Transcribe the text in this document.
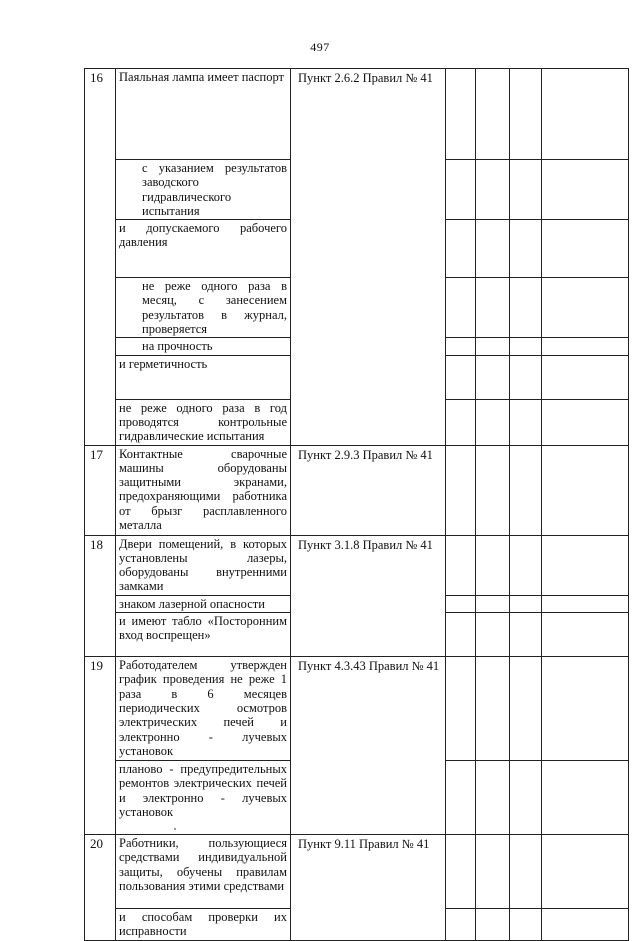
497
16	Паяльная лампа имеет паспорт	Пункт 2.6.2 Правил № 41				
	с указанием результатов заводского гидравлического испытания					
	и допускаемого рабочего давления					
	не реже одного раза в месяц, с занесением результатов в журнал, проверяется					
	на прочность					
	и герметичность					
	не реже одного раза в год проводятся контрольные гидравлические испытания					
17	Контактные сварочные машины оборудованы защитными экранами, предохраняющими работника от брызг расплавленного металла	Пункт 2.9.3 Правил № 41				
18	Двери помещений, в которых установлены лазеры, оборудованы внутренними замками	Пункт 3.1.8 Правил № 41				
	знаком лазерной опасности					
	и имеют табло «Посторонним вход воспрещен»					
19	Работодателем утвержден график проведения не реже 1 раза в 6 месяцев периодических осмотров электрических печей и электронно - лучевых установок	Пункт 4.3.43 Правил № 41				
	планово - предупредительных ремонтов электрических печей и электронно - лучевых установок					
20	Работники, пользующиеся средствами индивидуальной защиты, обучены правилам пользования этими средствами	Пункт 9.11 Правил № 41				
	и способам проверки их исправности					
